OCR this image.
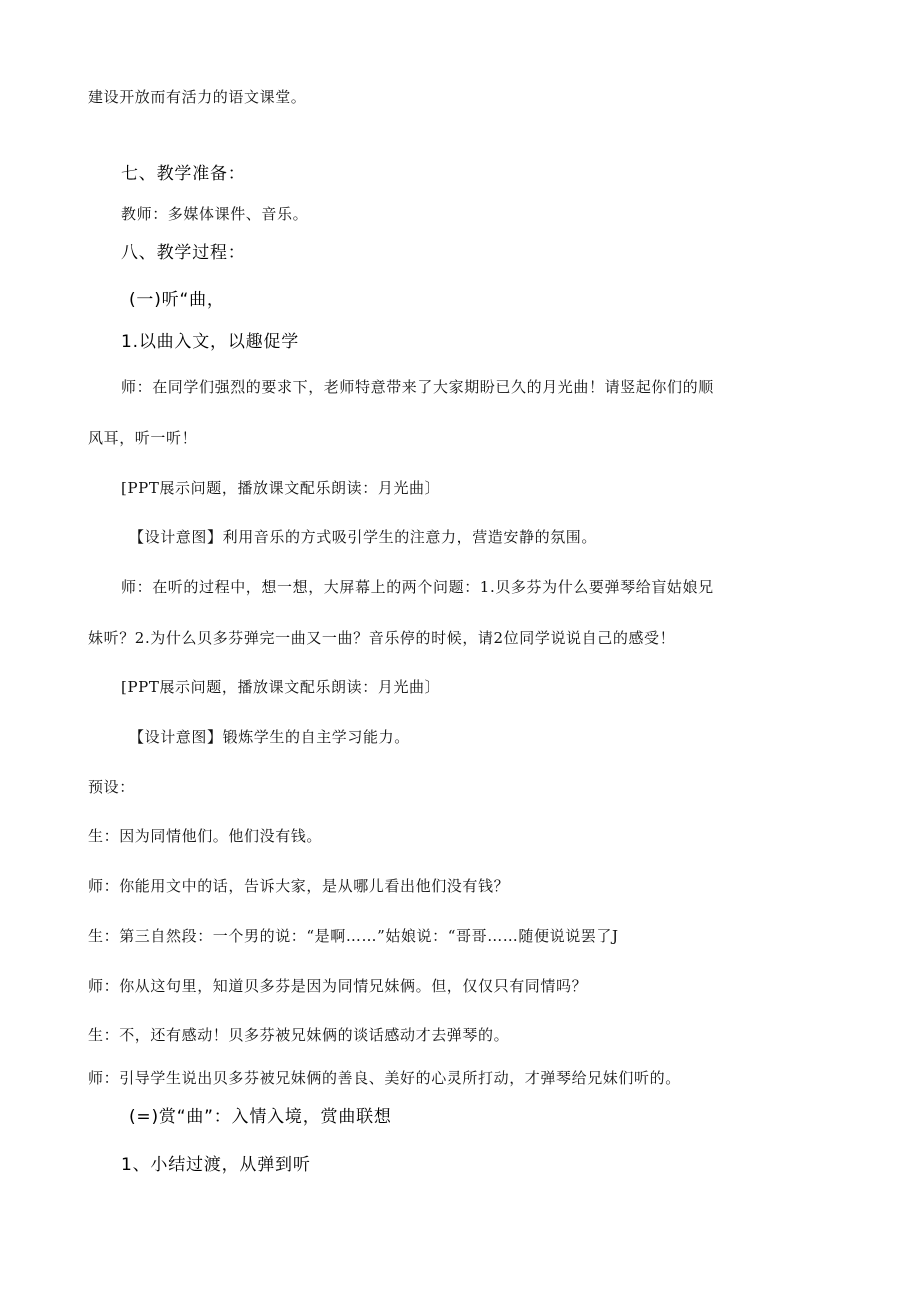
建设开放而有活力的语文课堂。
七、教学准备：
教师：多媒体课件、音乐。
八、教学过程：
(一)听“曲，
1.以曲入文，以趣促学
师：在同学们强烈的要求下，老师特意带来了大家期盼已久的月光曲！请竖起你们的顺
风耳，听一听！
[PPT展示问题，播放课文配乐朗读：月光曲〕
【设计意图】利用音乐的方式吸引学生的注意力，营造安静的氛围。
师：在听的过程中，想一想，大屏幕上的两个问题：1.贝多芬为什么要弹琴给盲姑娘兄
妹听？2.为什么贝多芬弹完一曲又一曲？音乐停的时候，请2位同学说说自己的感受！
[PPT展示问题，播放课文配乐朗读：月光曲〕
【设计意图】锻炼学生的自主学习能力。
预设：
生：因为同情他们。他们没有钱。
师：你能用文中的话，告诉大家，是从哪儿看出他们没有钱？
生：第三自然段：一个男的说：“是啊……”姑娘说：“哥哥……随便说说罢了J
师：你从这句里，知道贝多芬是因为同情兄妹俩。但，仅仅只有同情吗？
生：不，还有感动！贝多芬被兄妹俩的谈话感动才去弹琴的。
师：引导学生说出贝多芬被兄妹俩的善良、美好的心灵所打动，才弹琴给兄妹们听的。
(=)赏“曲”：入情入境，赏曲联想
1、小结过渡，从弹到听
